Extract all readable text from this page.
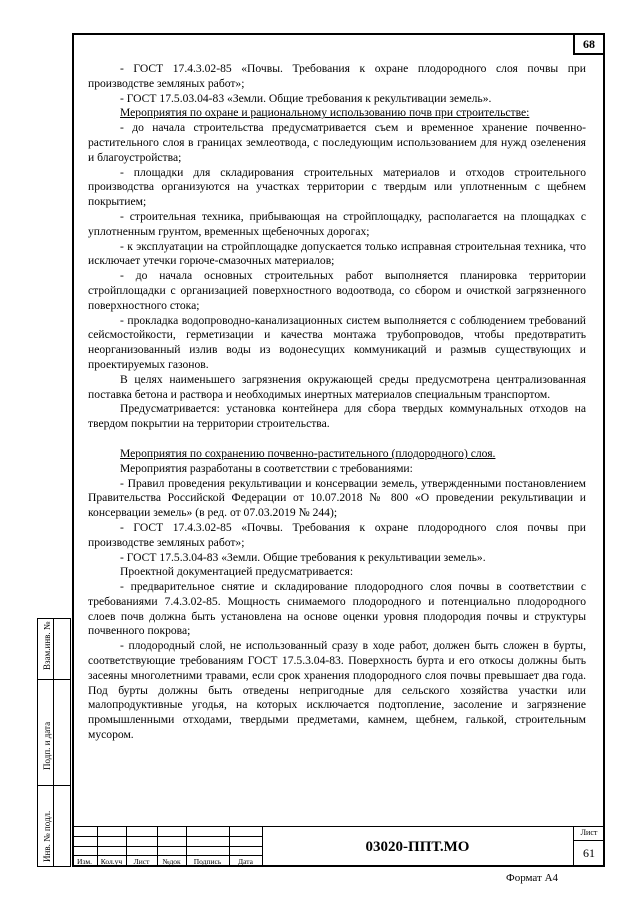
68

- ГОСТ 17.4.3.02-85 «Почвы. Требования к охране плодородного слоя почвы при производстве земляных работ»;

- ГОСТ 17.5.03.04-83 «Земли. Общие требования к рекультивации земель».

Мероприятия по охране и рациональному использованию почв при строительстве:

- до начала строительства предусматривается съем и временное хранение почвенно-растительного слоя в границах землеотвода, с последующим использованием для нужд озеленения и благоустройства;

- площадки для складирования строительных материалов и отходов строительного производства организуются на участках территории с твердым или уплотненным с щебнем покрытием;

- строительная техника, прибывающая на стройплощадку, располагается на площадках с уплотненным грунтом, временных щебеночных дорогах;

- к эксплуатации на стройплощадке допускается только исправная строительная техника, что исключает утечки горюче-смазочных материалов;

- до начала основных строительных работ выполняется планировка территории стройплощадки с организацией поверхностного водоотвода, со сбором и очисткой загрязненного поверхностного стока;

- прокладка водопроводно-канализационных систем выполняется с соблюдением требований сейсмостойкости, герметизации и качества монтажа трубопроводов, чтобы предотвратить неорганизованный излив воды из водонесущих коммуникаций и размыв существующих и проектируемых газонов.

В целях наименьшего загрязнения окружающей среды предусмотрена централизованная поставка бетона и раствора и необходимых инертных материалов специальным транспортом.

Предусматривается: установка контейнера для сбора твердых коммунальных отходов на твердом покрытии на территории строительства.

Мероприятия по сохранению почвенно-растительного (плодородного) слоя.

Мероприятия разработаны в соответствии с требованиями:

- Правил проведения рекультивации и консервации земель, утвержденными постановлением Правительства Российской Федерации от 10.07.2018 № 800 «О проведении рекультивации и консервации земель» (в ред. от 07.03.2019 № 244);

- ГОСТ 17.4.3.02-85 «Почвы. Требования к охране плодородного слоя почвы при производстве земляных работ»;

- ГОСТ 17.5.3.04-83 «Земли. Общие требования к рекультивации земель».

Проектной документацией предусматривается:

- предварительное снятие и складирование плодородного слоя почвы в соответствии с требованиями 7.4.3.02-85. Мощность снимаемого плодородного и потенциально плодородного слоев почв должна быть установлена на основе оценки уровня плодородия почвы и структуры почвенного покрова;

- плодородный слой, не использованный сразу в ходе работ, должен быть сложен в бурты, соответствующие требованиям ГОСТ 17.5.3.04-83. Поверхность бурта и его откосы должны быть засеяны многолетними травами, если срок хранения плодородного слоя почвы превышает два года. Под бурты должны быть отведены непригодные для сельского хозяйства участки или малопродуктивные угодья, на которых исключается подтопление, засоление и загрязнение промышленными отходами, твердыми предметами, камнем, щебнем, галькой, строительным мусором.

Взам.инв. №
Подп. и дата
Инв. № подл.	Изм.	Кол.уч	Лист	№док	Подпись	Дата
03020-ППТ.МО
Лист
61
Формат А4
